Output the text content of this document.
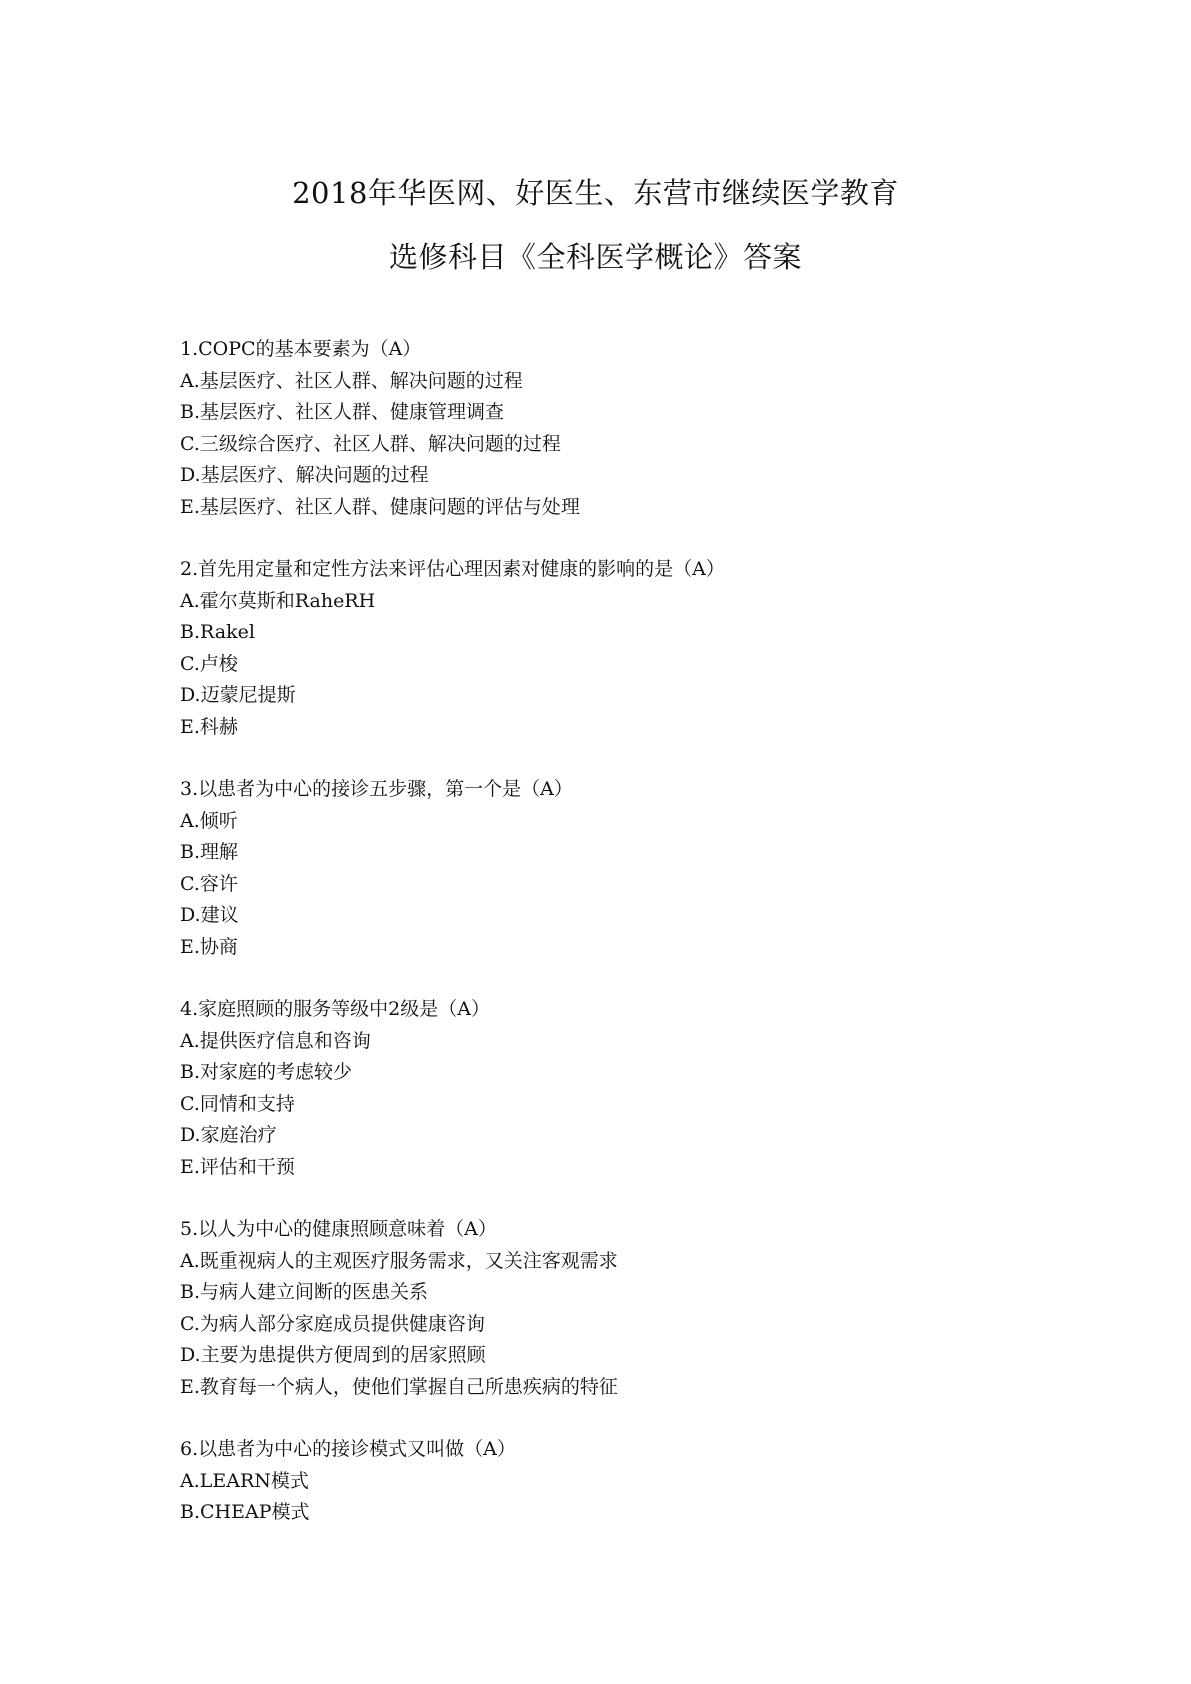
2018年华医网、好医生、东营市继续医学教育
选修科目《全科医学概论》答案

1.COPC的基本要素为（A）

A.基层医疗、社区人群、解决问题的过程

B.基层医疗、社区人群、健康管理调查

C.三级综合医疗、社区人群、解决问题的过程

D.基层医疗、解决问题的过程

E.基层医疗、社区人群、健康问题的评估与处理

2.首先用定量和定性方法来评估心理因素对健康的影响的是（A）

A.霍尔莫斯和RaheRH

B.Rakel

C.卢梭

D.迈蒙尼提斯

E.科赫

3.以患者为中心的接诊五步骤，第一个是（A）

A.倾听

B.理解

C.容许

D.建议

E.协商

4.家庭照顾的服务等级中2级是（A）

A.提供医疗信息和咨询

B.对家庭的考虑较少

C.同情和支持

D.家庭治疗

E.评估和干预

5.以人为中心的健康照顾意味着（A）

A.既重视病人的主观医疗服务需求，又关注客观需求

B.与病人建立间断的医患关系

C.为病人部分家庭成员提供健康咨询

D.主要为患提供方便周到的居家照顾

E.教育每一个病人，使他们掌握自己所患疾病的特征

6.以患者为中心的接诊模式又叫做（A）

A.LEARN模式

B.CHEAP模式
